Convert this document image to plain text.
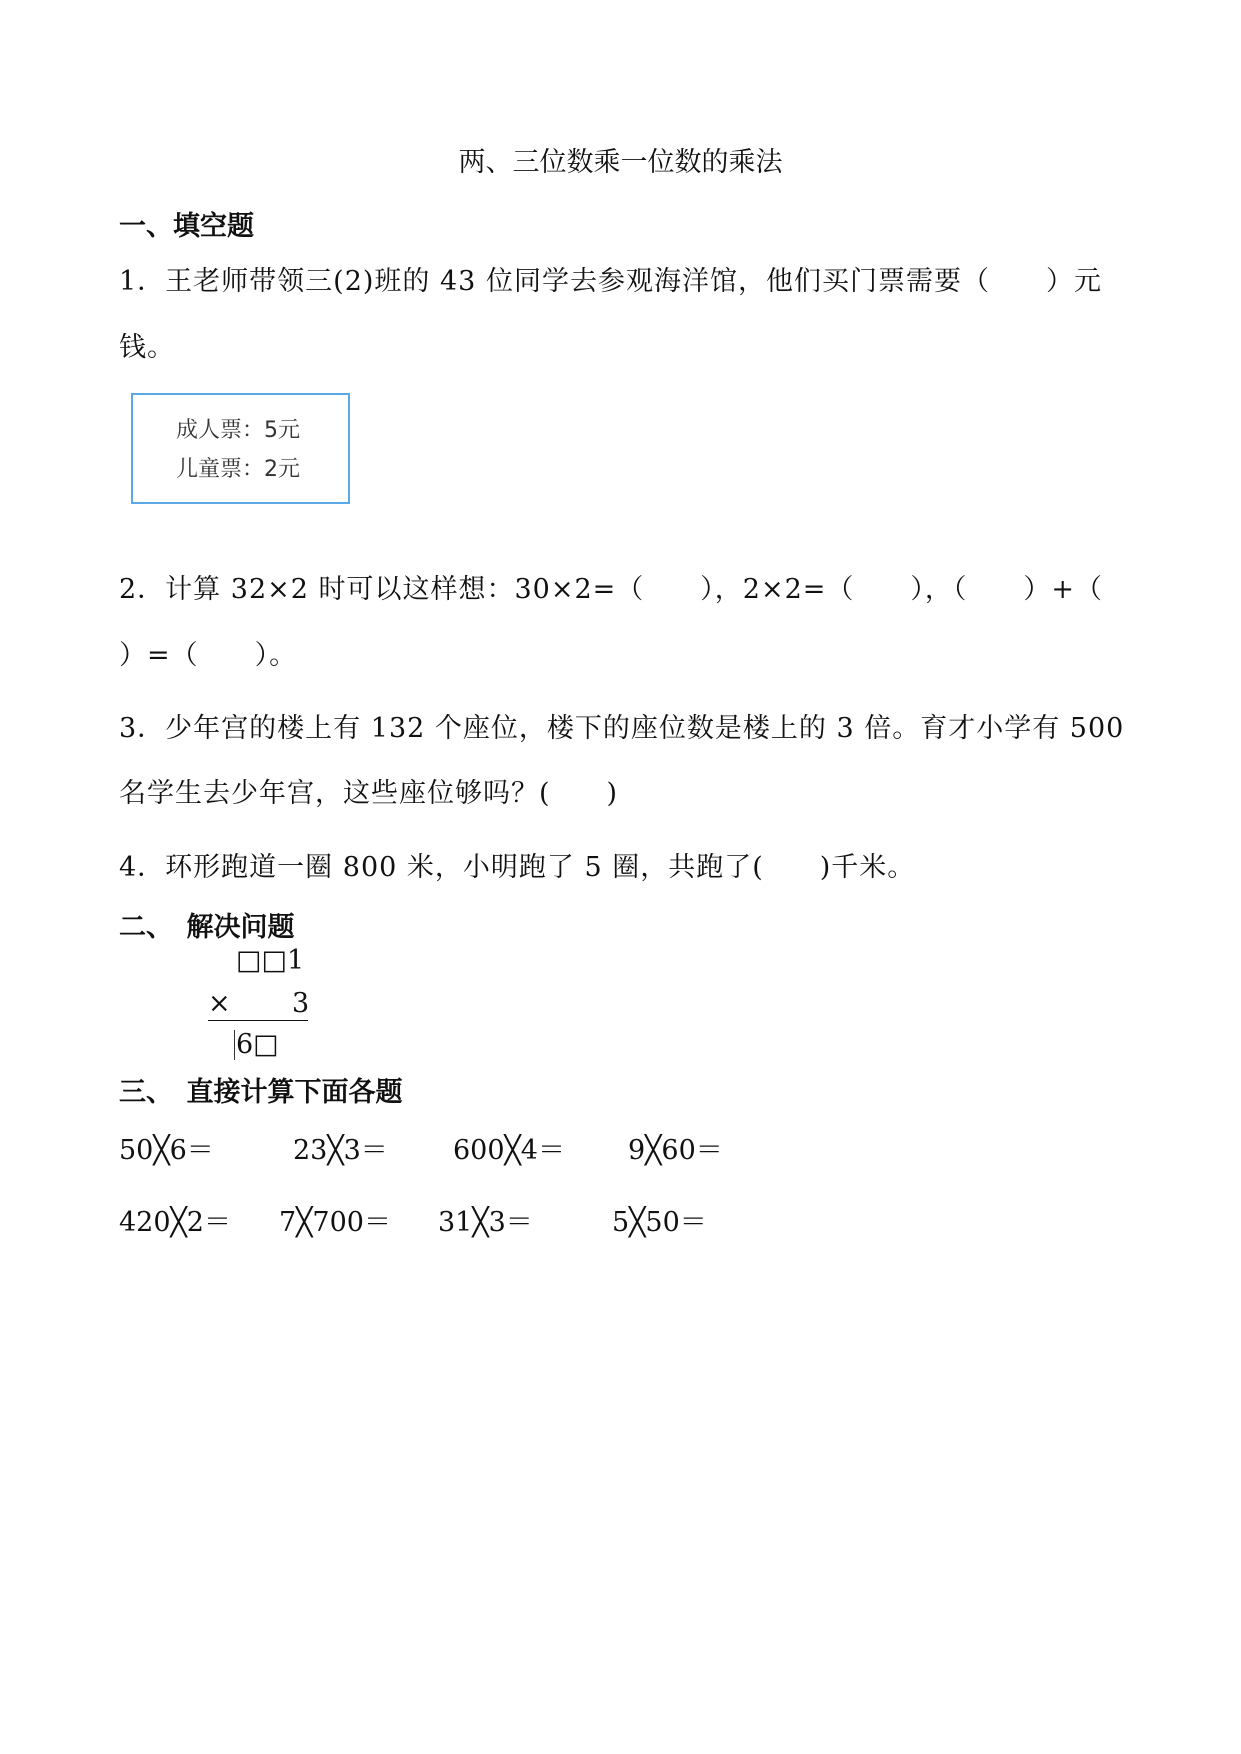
两、三位数乘一位数的乘法
一、填空题
1．王老师带领三(2)班的 43 位同学去参观海洋馆，他们买门票需要（　　）元
钱。
成人票：5元
儿童票：2元
2．计算 32×2 时可以这样想：30×2=（　　），2×2=（　　），（　　）+（
）=（　　）。
3．少年宫的楼上有 132 个座位，楼下的座位数是楼上的 3 倍。育才小学有 500
名学生去少年宫，这些座位够吗？(　　)
4．环形跑道一圈 800 米，小明跑了 5 圈，共跑了(　　)千米。
二、　解决问题
□□1
× 3
6□
三、　直接计算下面各题
50╳6＝	23╳3＝ 600╳4＝ 9╳60＝
420╳2＝ 7╳700＝ 31╳3＝	5╳50＝
